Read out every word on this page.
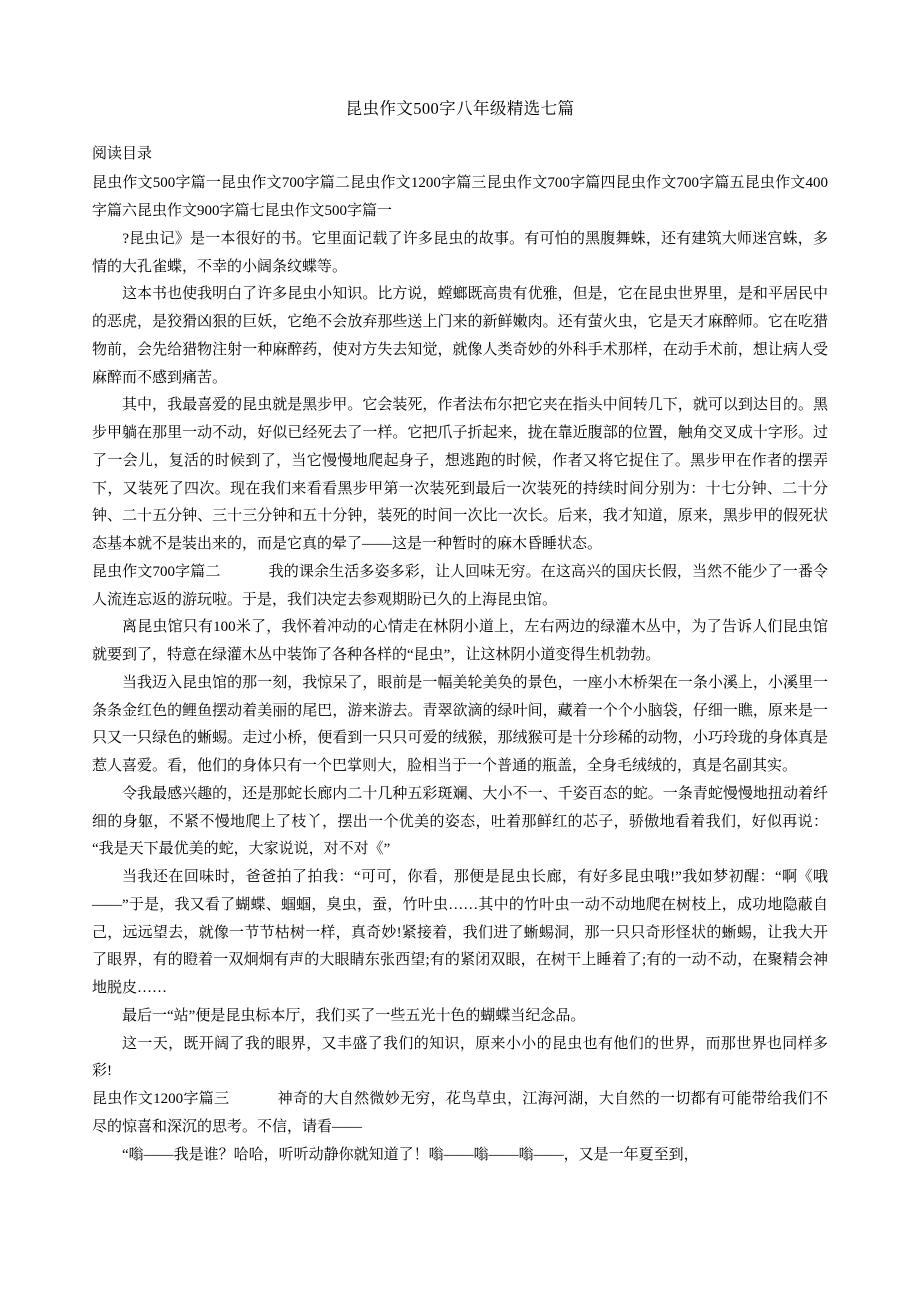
昆虫作文500字八年级精选七篇
阅读目录
昆虫作文500字篇一昆虫作文700字篇二昆虫作文1200字篇三昆虫作文700字篇四昆虫作文700字篇五昆虫作文400字篇六昆虫作文900字篇七昆虫作文500字篇一

　　?昆虫记》是一本很好的书。它里面记载了许多昆虫的故事。有可怕的黑腹舞蛛，还有建筑大师迷宫蛛，多情的大孔雀蝶，不幸的小阔条纹蝶等。

这本书也使我明白了许多昆虫小知识。比方说，螳螂既高贵有优雅，但是，它在昆虫世界里，是和平居民中的恶虎，是狡猾凶狠的巨妖，它绝不会放弃那些送上门来的新鲜嫩肉。还有萤火虫，它是天才麻醉师。它在吃猎物前，会先给猎物注射一种麻醉药，使对方失去知觉，就像人类奇妙的外科手术那样，在动手术前，想让病人受麻醉而不感到痛苦。

其中，我最喜爱的昆虫就是黑步甲。它会装死，作者法布尔把它夹在指头中间转几下，就可以到达目的。黑步甲躺在那里一动不动，好似已经死去了一样。它把爪子折起来，拢在靠近腹部的位置，触角交叉成十字形。过了一会儿，复活的时候到了，当它慢慢地爬起身子，想逃跑的时候，作者又将它捉住了。黑步甲在作者的摆弄下，又装死了四次。现在我们来看看黑步甲第一次装死到最后一次装死的持续时间分别为：十七分钟、二十分钟、二十五分钟、三十三分钟和五十分钟，装死的时间一次比一次长。后来，我才知道，原来，黑步甲的假死状态基本就不是装出来的，而是它真的晕了——这是一种暂时的麻木昏睡状态。

昆虫作文700字篇二	我的课余生活多姿多彩，让人回味无穷。在这高兴的国庆长假，当然不能少了一番令人流连忘返的游玩啦。于是，我们决定去参观期盼已久的上海昆虫馆。

离昆虫馆只有100米了，我怀着冲动的心情走在林阴小道上，左右两边的绿灌木丛中，为了告诉人们昆虫馆就要到了，特意在绿灌木丛中装饰了各种各样的“昆虫”，让这林阴小道变得生机勃勃。

当我迈入昆虫馆的那一刻，我惊呆了，眼前是一幅美轮美奂的景色，一座小木桥架在一条小溪上，小溪里一条条金红色的鲤鱼摆动着美丽的尾巴，游来游去。青翠欲滴的绿叶间，藏着一个个小脑袋，仔细一瞧，原来是一只又一只绿色的蜥蜴。走过小桥，便看到一只只可爱的绒猴，那绒猴可是十分珍稀的动物，小巧玲珑的身体真是惹人喜爱。看，他们的身体只有一个巴掌则大，脸相当于一个普通的瓶盖，全身毛绒绒的，真是名副其实。

令我最感兴趣的，还是那蛇长廊内二十几种五彩斑斓、大小不一、千姿百态的蛇。一条青蛇慢慢地扭动着纤细的身躯，不紧不慢地爬上了枝丫，摆出一个优美的姿态，吐着那鲜红的芯子，骄傲地看着我们，好似再说：“我是天下最优美的蛇，大家说说，对不对《”

当我还在回味时，爸爸拍了拍我：“可可，你看，那便是昆虫长廊，有好多昆虫哦!”我如梦初醒：“啊《哦——”于是，我又看了蝴蝶、蝈蝈，臭虫，蚕，竹叶虫……其中的竹叶虫一动不动地爬在树枝上，成功地隐蔽自己，远远望去，就像一节节枯树一样，真奇妙!紧接着，我们进了蜥蜴洞，那一只只奇形怪状的蜥蜴，让我大开了眼界，有的瞪着一双炯炯有声的大眼睛东张西望;有的紧闭双眼，在树干上睡着了;有的一动不动，在聚精会神地脱皮……

最后一“站”便是昆虫标本厅，我们买了一些五光十色的蝴蝶当纪念品。

这一天，既开阔了我的眼界，又丰盛了我们的知识，原来小小的昆虫也有他们的世界，而那世界也同样多彩!

昆虫作文1200字篇三	神奇的大自然微妙无穷，花鸟草虫，江海河湖，大自然的一切都有可能带给我们不尽的惊喜和深沉的思考。不信，请看——

“嗡——我是谁？哈哈，听听动静你就知道了！嗡——嗡——嗡——，又是一年夏至到，
